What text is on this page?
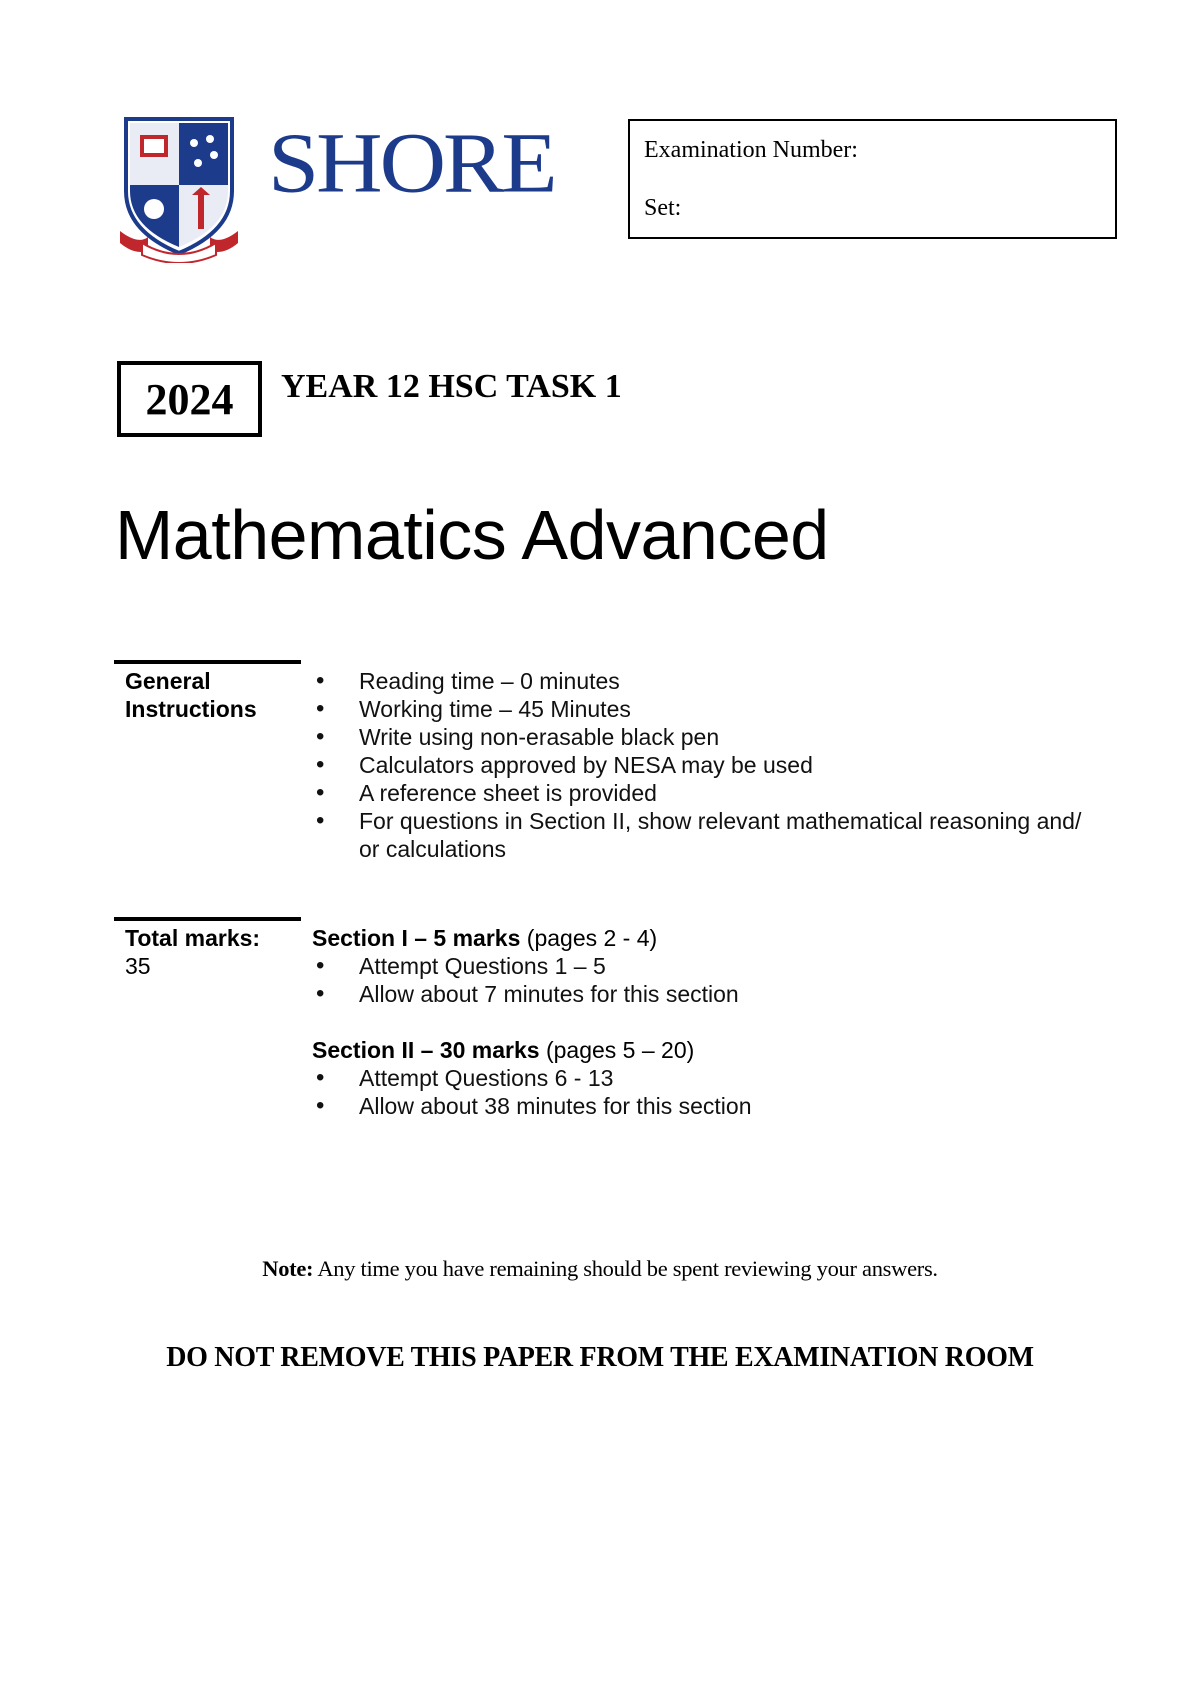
SHORE	Examination Number:
Set:
2024	YEAR 12 HSC TASK 1
Mathematics Advanced
General
Instructions
• Reading time – 0 minutes
• Working time – 45 Minutes
• Write using non-erasable black pen
• Calculators approved by NESA may be used
• A reference sheet is provided
• For questions in Section II, show relevant mathematical reasoning and/ or calculations
Total marks:
35
Section I – 5 marks (pages 2 - 4)
• Attempt Questions 1 – 5
• Allow about 7 minutes for this section
Section II – 30 marks (pages 5 – 20)
• Attempt Questions 6 - 13
• Allow about 38 minutes for this section
Note: Any time you have remaining should be spent reviewing your answers.
DO NOT REMOVE THIS PAPER FROM THE EXAMINATION ROOM
